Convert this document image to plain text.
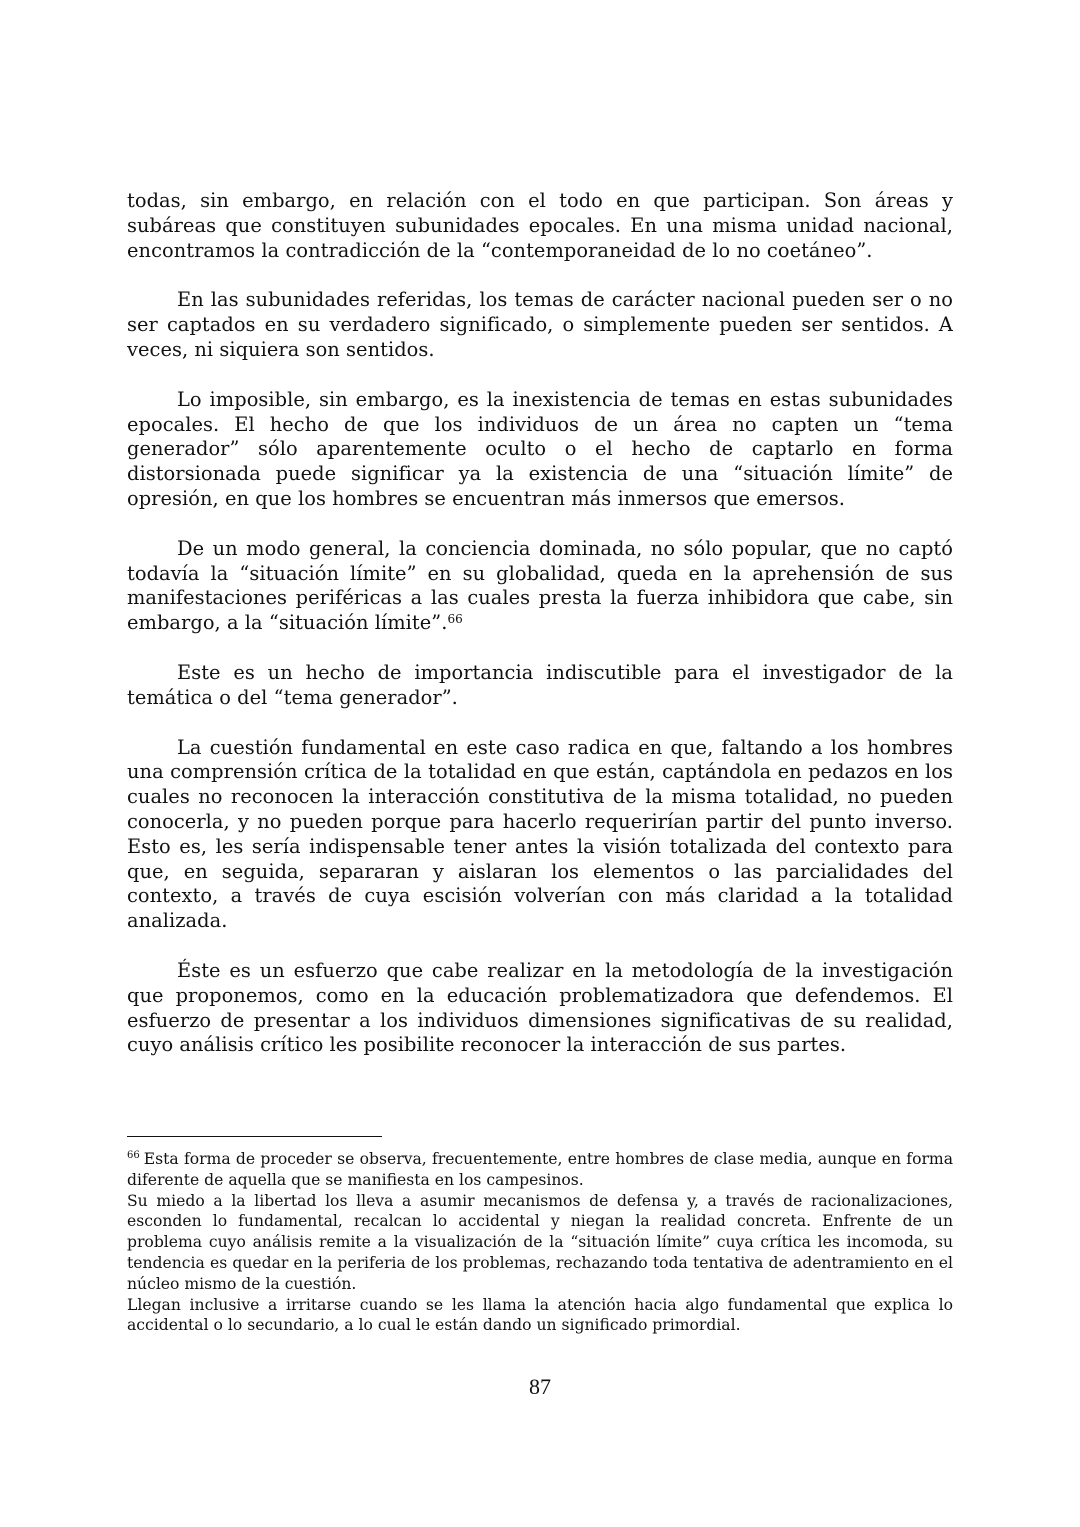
todas, sin embargo, en relación con el todo en que participan. Son áreas y subáreas que constituyen subunidades epocales. En una misma unidad nacional, encontramos la contradicción de la “contemporaneidad de lo no coetáneo”.

En las subunidades referidas, los temas de carácter nacional pueden ser o no ser captados en su verdadero significado, o simplemente pueden ser sentidos. A veces, ni siquiera son sentidos.

Lo imposible, sin embargo, es la inexistencia de temas en estas subunidades epocales. El hecho de que los individuos de un área no capten un “tema generador” sólo aparentemente oculto o el hecho de captarlo en forma distorsionada puede significar ya la existencia de una “situación límite” de opresión, en que los hombres se encuentran más inmersos que emersos.

De un modo general, la conciencia dominada, no sólo popular, que no captó todavía la “situación límite” en su globalidad, queda en la aprehensión de sus manifestaciones periféricas a las cuales presta la fuerza inhibidora que cabe, sin embargo, a la “situación límite”.$^{66}$

Este es un hecho de importancia indiscutible para el investigador de la temática o del “tema generador”.

La cuestión fundamental en este caso radica en que, faltando a los hombres una comprensión crítica de la totalidad en que están, captándola en pedazos en los cuales no reconocen la interacción constitutiva de la misma totalidad, no pueden conocerla, y no pueden porque para hacerlo requerirían partir del punto inverso. Esto es, les sería indispensable tener antes la visión totalizada del contexto para que, en seguida, separaran y aislaran los elementos o las parcialidades del contexto, a través de cuya escisión volverían con más claridad a la totalidad analizada.

Éste es un esfuerzo que cabe realizar en la metodología de la investigación que proponemos, como en la educación problematizadora que defendemos. El esfuerzo de presentar a los individuos dimensiones significativas de su realidad, cuyo análisis crítico les posibilite reconocer la interacción de sus partes.

$^{66}$ Esta forma de proceder se observa, frecuentemente, entre hombres de clase media, aunque en forma diferente de aquella que se manifiesta en los campesinos.

Su miedo a la libertad los lleva a asumir mecanismos de defensa y, a través de racionalizaciones, esconden lo fundamental, recalcan lo accidental y niegan la realidad concreta. Enfrente de un problema cuyo análisis remite a la visualización de la “situación límite” cuya crítica les incomoda, su tendencia es quedar en la periferia de los problemas, rechazando toda tentativa de adentramiento en el núcleo mismo de la cuestión.

Llegan inclusive a irritarse cuando se les llama la atención hacia algo fundamental que explica lo accidental o lo secundario, a lo cual le están dando un significado primordial.

87
